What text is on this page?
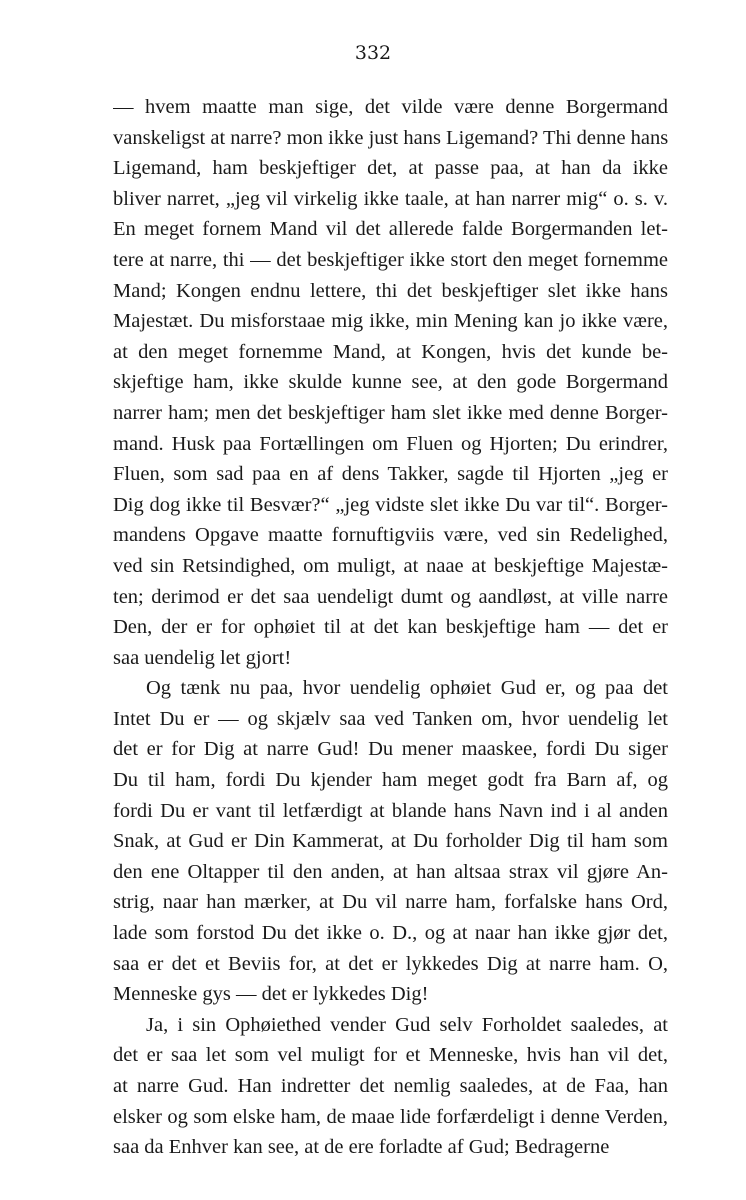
332
— hvem maatte man sige, det vilde være denne Borgermand
vanskeligst at narre? mon ikke just hans Ligemand? Thi denne hans
Ligemand, ham beskjeftiger det, at passe paa, at han da ikke
bliver narret, „jeg vil virkelig ikke taale, at han narrer mig“ o. s. v.
En meget fornem Mand vil det allerede falde Borgermanden let-
tere at narre, thi — det beskjeftiger ikke stort den meget fornemme
Mand; Kongen endnu lettere, thi det beskjeftiger slet ikke hans
Majestæt. Du misforstaae mig ikke, min Mening kan jo ikke være,
at den meget fornemme Mand, at Kongen, hvis det kunde be-
skjeftige ham, ikke skulde kunne see, at den gode Borgermand
narrer ham; men det beskjeftiger ham slet ikke med denne Borger-
mand. Husk paa Fortællingen om Fluen og Hjorten; Du erindrer,
Fluen, som sad paa en af dens Takker, sagde til Hjorten „jeg er
Dig dog ikke til Besvær?“ „jeg vidste slet ikke Du var til“. Borger-
mandens Opgave maatte fornuftigviis være, ved sin Redelighed,
ved sin Retsindighed, om muligt, at naae at beskjeftige Majestæ-
ten; derimod er det saa uendeligt dumt og aandløst, at ville narre
Den, der er for ophøiet til at det kan beskjeftige ham — det er
saa uendelig let gjort!
Og tænk nu paa, hvor uendelig ophøiet Gud er, og paa det
Intet Du er — og skjælv saa ved Tanken om, hvor uendelig let
det er for Dig at narre Gud! Du mener maaskee, fordi Du siger
Du til ham, fordi Du kjender ham meget godt fra Barn af, og
fordi Du er vant til letfærdigt at blande hans Navn ind i al anden
Snak, at Gud er Din Kammerat, at Du forholder Dig til ham som
den ene Oltapper til den anden, at han altsaa strax vil gjøre An-
strig, naar han mærker, at Du vil narre ham, forfalske hans Ord,
lade som forstod Du det ikke o. D., og at naar han ikke gjør det,
saa er det et Beviis for, at det er lykkedes Dig at narre ham. O,
Menneske gys — det er lykkedes Dig!
Ja, i sin Ophøiethed vender Gud selv Forholdet saaledes, at
det er saa let som vel muligt for et Menneske, hvis han vil det,
at narre Gud. Han indretter det nemlig saaledes, at de Faa, han
elsker og som elske ham, de maae lide forfærdeligt i denne Verden,
saa da Enhver kan see, at de ere forladte af Gud; Bedragerne
